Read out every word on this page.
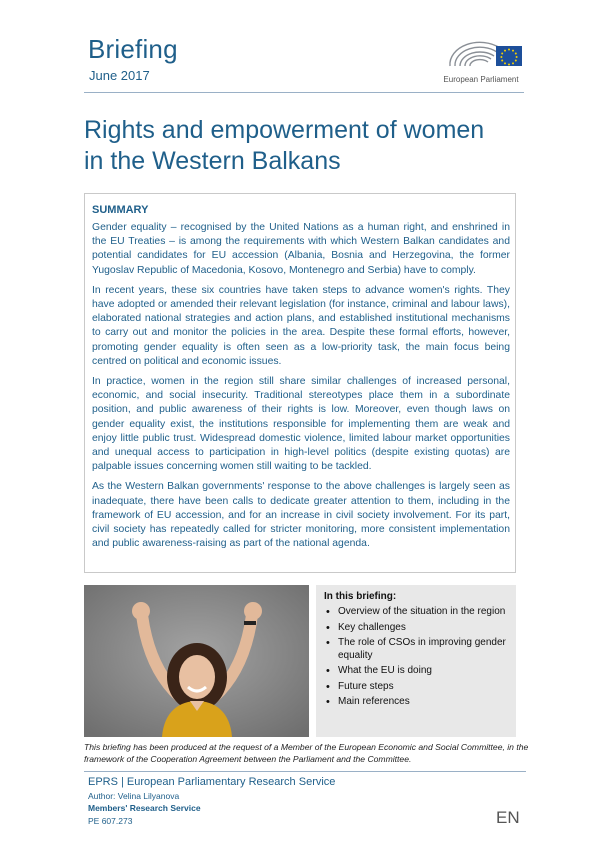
Briefing
June 2017	European Parliament
Rights and empowerment of women
in the Western Balkans
SUMMARY

Gender equality – recognised by the United Nations as a human right, and enshrined in the EU Treaties – is among the requirements with which Western Balkan candidates and potential candidates for EU accession (Albania, Bosnia and Herzegovina, the former Yugoslav Republic of Macedonia, Kosovo, Montenegro and Serbia) have to comply.

In recent years, these six countries have taken steps to advance women's rights. They have adopted or amended their relevant legislation (for instance, criminal and labour laws), elaborated national strategies and action plans, and established institutional mechanisms to carry out and monitor the policies in the area. Despite these formal efforts, however, promoting gender equality is often seen as a low-priority task, the main focus being centred on political and economic issues.

In practice, women in the region still share similar challenges of increased personal, economic, and social insecurity. Traditional stereotypes place them in a subordinate position, and public awareness of their rights is low. Moreover, even though laws on gender equality exist, the institutions responsible for implementing them are weak and enjoy little public trust. Widespread domestic violence, limited labour market opportunities and unequal access to participation in high-level politics (despite existing quotas) are palpable issues concerning women still waiting to be tackled.

As the Western Balkan governments' response to the above challenges is largely seen as inadequate, there have been calls to dedicate greater attention to them, including in the framework of EU accession, and for an increase in civil society involvement. For its part, civil society has repeatedly called for stricter monitoring, more consistent implementation and public awareness-raising as part of the national agenda.

In this briefing:
• Overview of the situation in the region
• Key challenges
• The role of CSOs in improving gender equality
• What the EU is doing
• Future steps
• Main references
This briefing has been produced at the request of a Member of the European Economic and Social Committee, in the framework of the Cooperation Agreement between the Parliament and the Committee.
EPRS | European Parliamentary Research Service
Author: Velina Lilyanova
Members' Research Service
PE 607.273	EN
